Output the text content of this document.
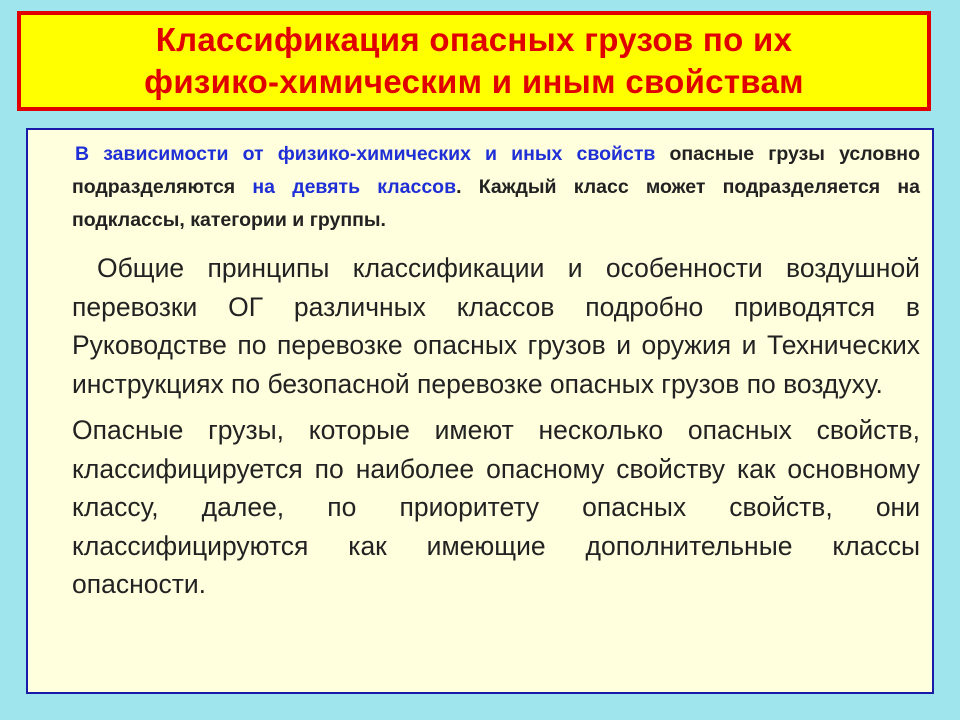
Классификация опасных грузов по их
физико-химическим и иным свойствам

В зависимости от физико-химических и иных свойств опасные грузы условно подразделяются на девять классов. Каждый класс может подразделяется на подклассы, категории и группы.

Общие принципы классификации и особенности воздушной перевозки ОГ различных классов подробно приводятся в Руководстве по перевозке опасных грузов и оружия и Технических инструкциях по безопасной перевозке опасных грузов по воздуху.

Опасные грузы, которые имеют несколько опасных свойств, классифицируется по наиболее опасному свойству как основному классу, далее, по приоритету опасных свойств, они классифицируются как имеющие дополнительные классы опасности.
